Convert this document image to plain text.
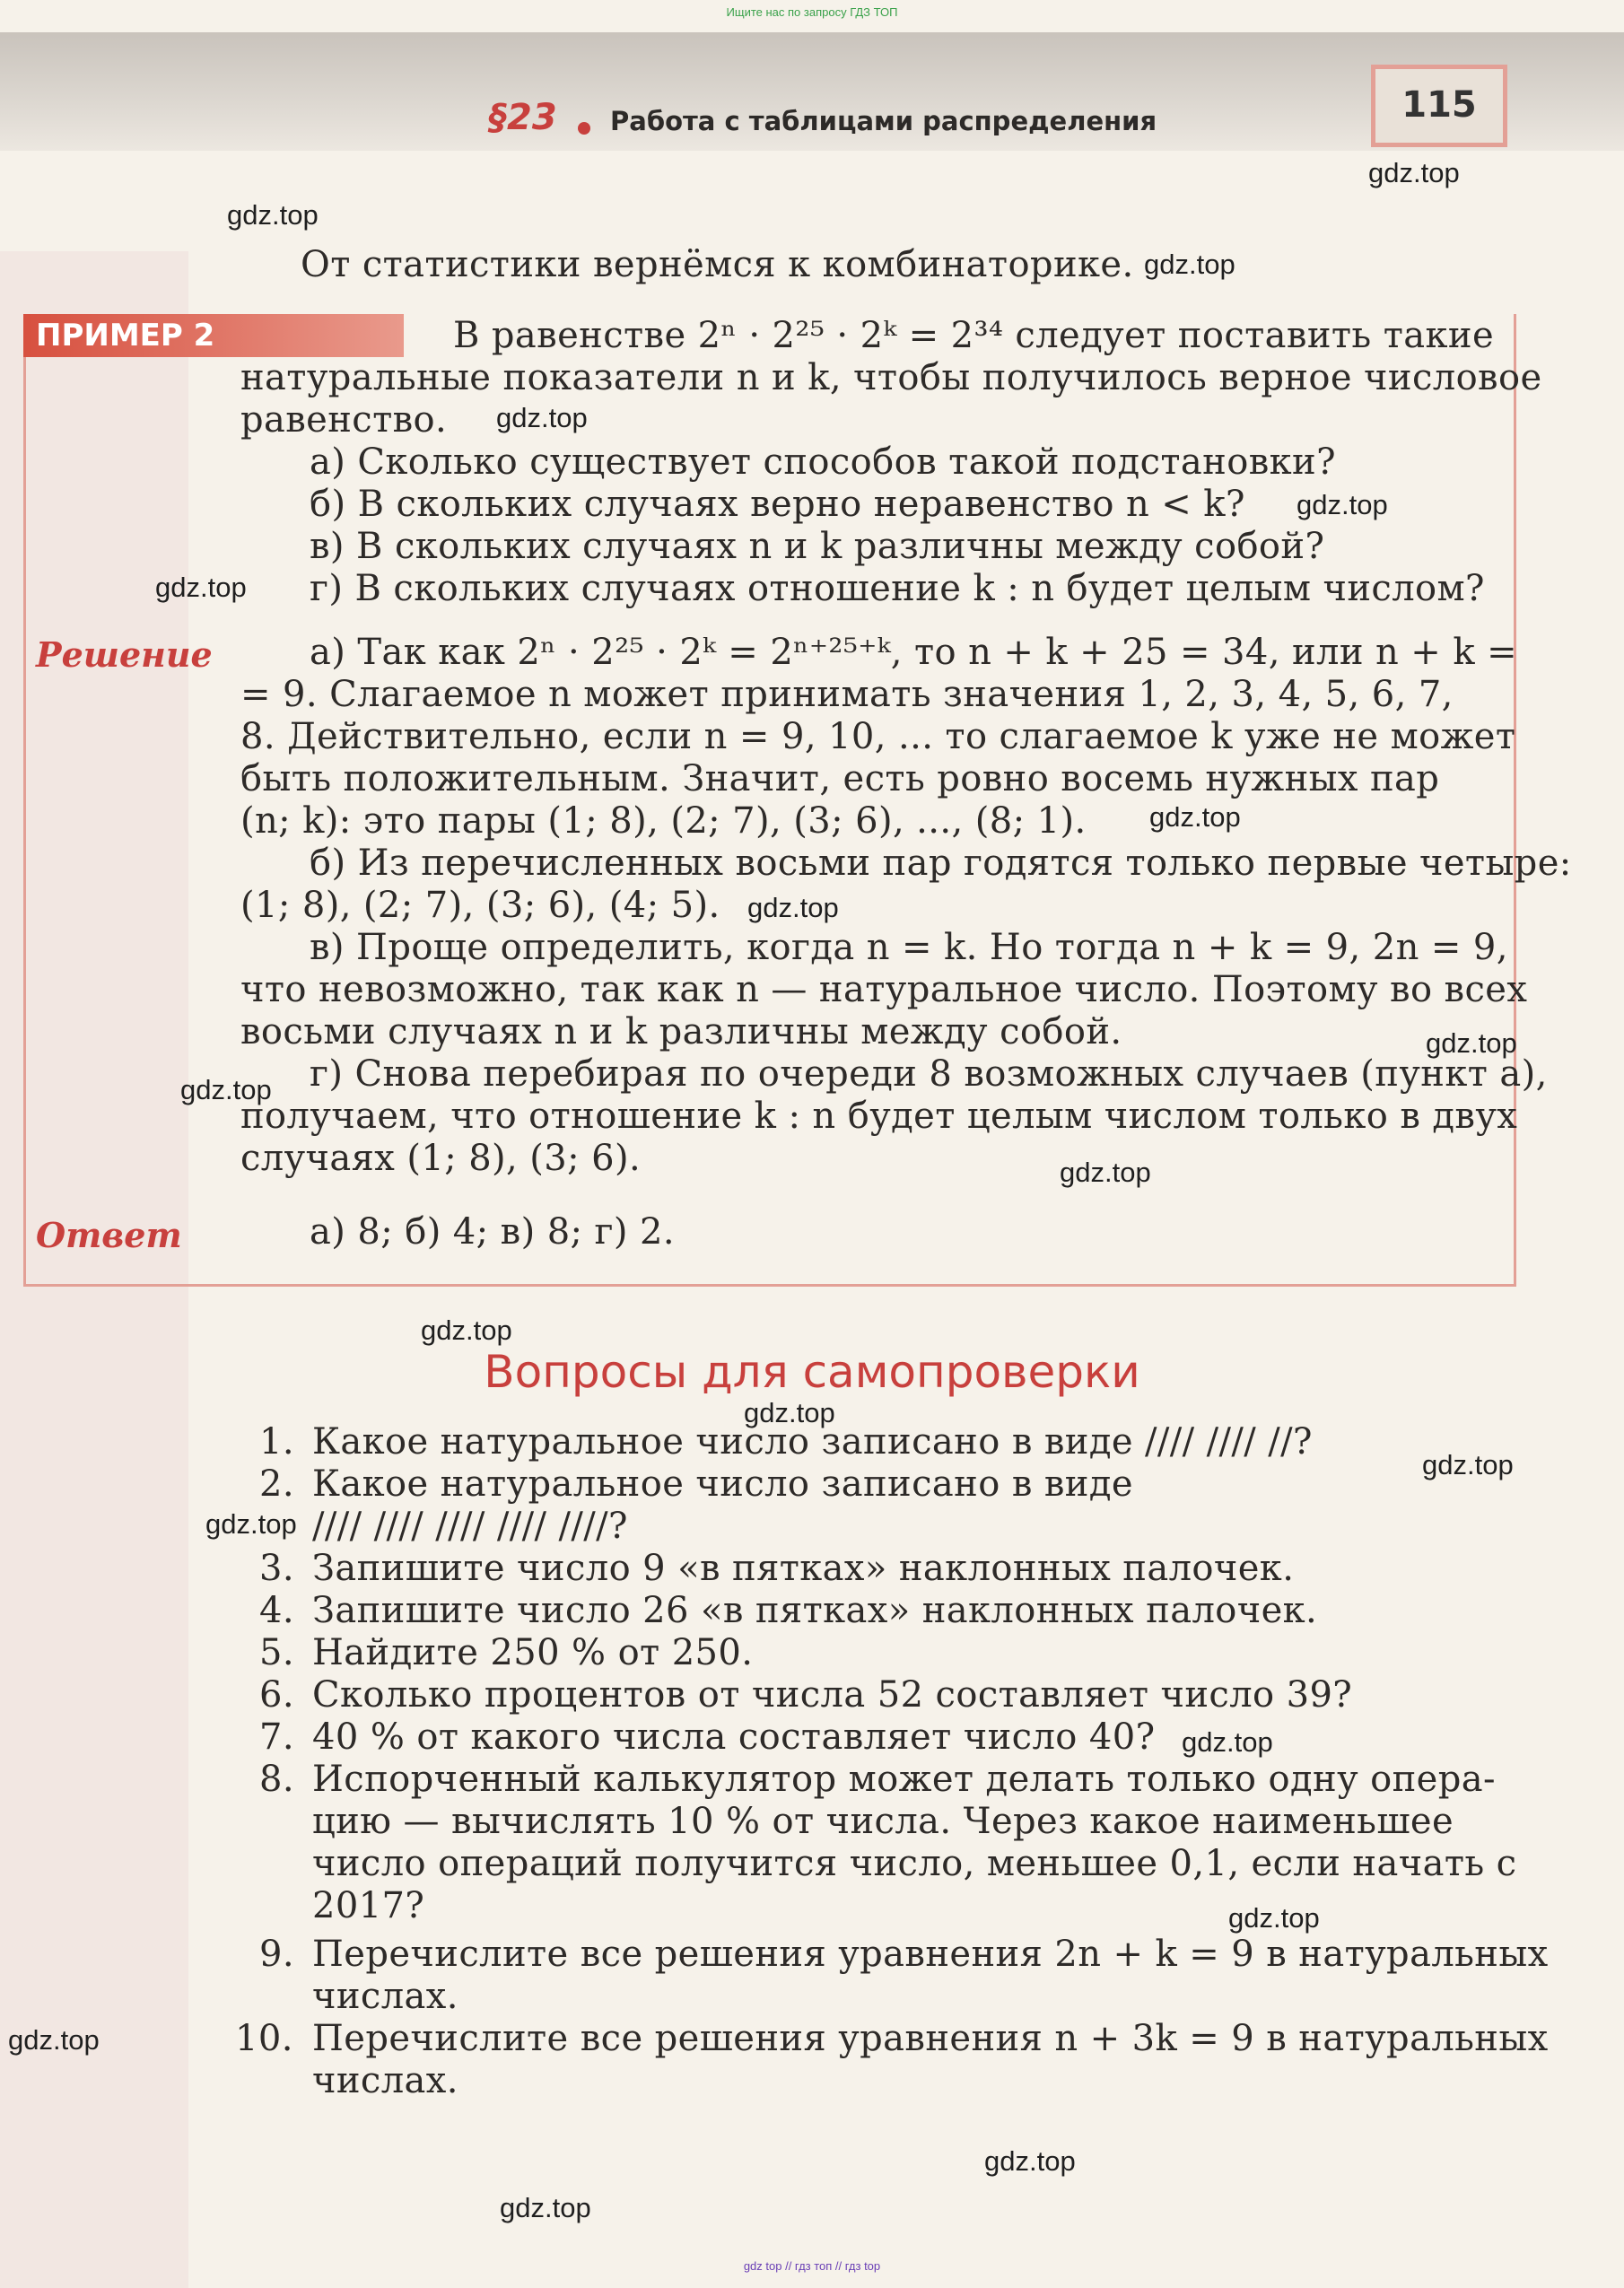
Ищите нас по запросу ГДЗ ТОП
§23 Работа с таблицами распределения	115
От статистики вернёмся к комбинаторике.
ПРИМЕР 2	В равенстве 2ⁿ · 2²⁵ · 2ᵏ = 2³⁴ следует поставить такие
натуральные показатели n и k, чтобы получилось верное числовое
равенство.
а) Сколько существует способов такой подстановки?
б) В скольких случаях верно неравенство n < k?
в) В скольких случаях n и k различны между собой?
г) В скольких случаях отношение k : n будет целым числом?
Решение	а) Так как 2ⁿ · 2²⁵ · 2ᵏ = 2ⁿ⁺²⁵⁺ᵏ, то n + k + 25 = 34, или n + k =
= 9. Слагаемое n может принимать значения 1, 2, 3, 4, 5, 6, 7,
8. Действительно, если n = 9, 10, ... то слагаемое k уже не может
быть положительным. Значит, есть ровно восемь нужных пар
(n; k): это пары (1; 8), (2; 7), (3; 6), ..., (8; 1).
б) Из перечисленных восьми пар годятся только первые четыре:
(1; 8), (2; 7), (3; 6), (4; 5).
в) Проще определить, когда n = k. Но тогда n + k = 9, 2n = 9,
что невозможно, так как n — натуральное число. Поэтому во всех
восьми случаях n и k различны между собой.
г) Снова перебирая по очереди 8 возможных случаев (пункт а),
получаем, что отношение k : n будет целым числом только в двух
случаях (1; 8), (3; 6).
Ответ	а) 8; б) 4; в) 8; г) 2.
Вопросы для самопроверки
1. Какое натуральное число записано в виде //// //// //?
2. Какое натуральное число записано в виде
//// //// //// //// ////?
3. Запишите число 9 «в пятках» наклонных палочек.
4. Запишите число 26 «в пятках» наклонных палочек.
5. Найдите 250 % от 250.
6. Сколько процентов от числа 52 составляет число 39?
7. 40 % от какого числа составляет число 40?
8. Испорченный калькулятор может делать только одну опера-
цию — вычислять 10 % от числа. Через какое наименьшее
число операций получится число, меньшее 0,1, если начать с
2017?
9. Перечислите все решения уравнения 2n + k = 9 в натуральных
числах.
10. Перечислите все решения уравнения n + 3k = 9 в натуральных
числах.
gdz.top
gdz.top
gdz.top
gdz.top
gdz.top
gdz.top
gdz.top
gdz.top
gdz.top
gdz.top
gdz.top
gdz.top
gdz.top
gdz.top
gdz.top
gdz.top
gdz.top
gdz.top
gdz.top
gdz.top
gdz top // гдз топ // гдз top
